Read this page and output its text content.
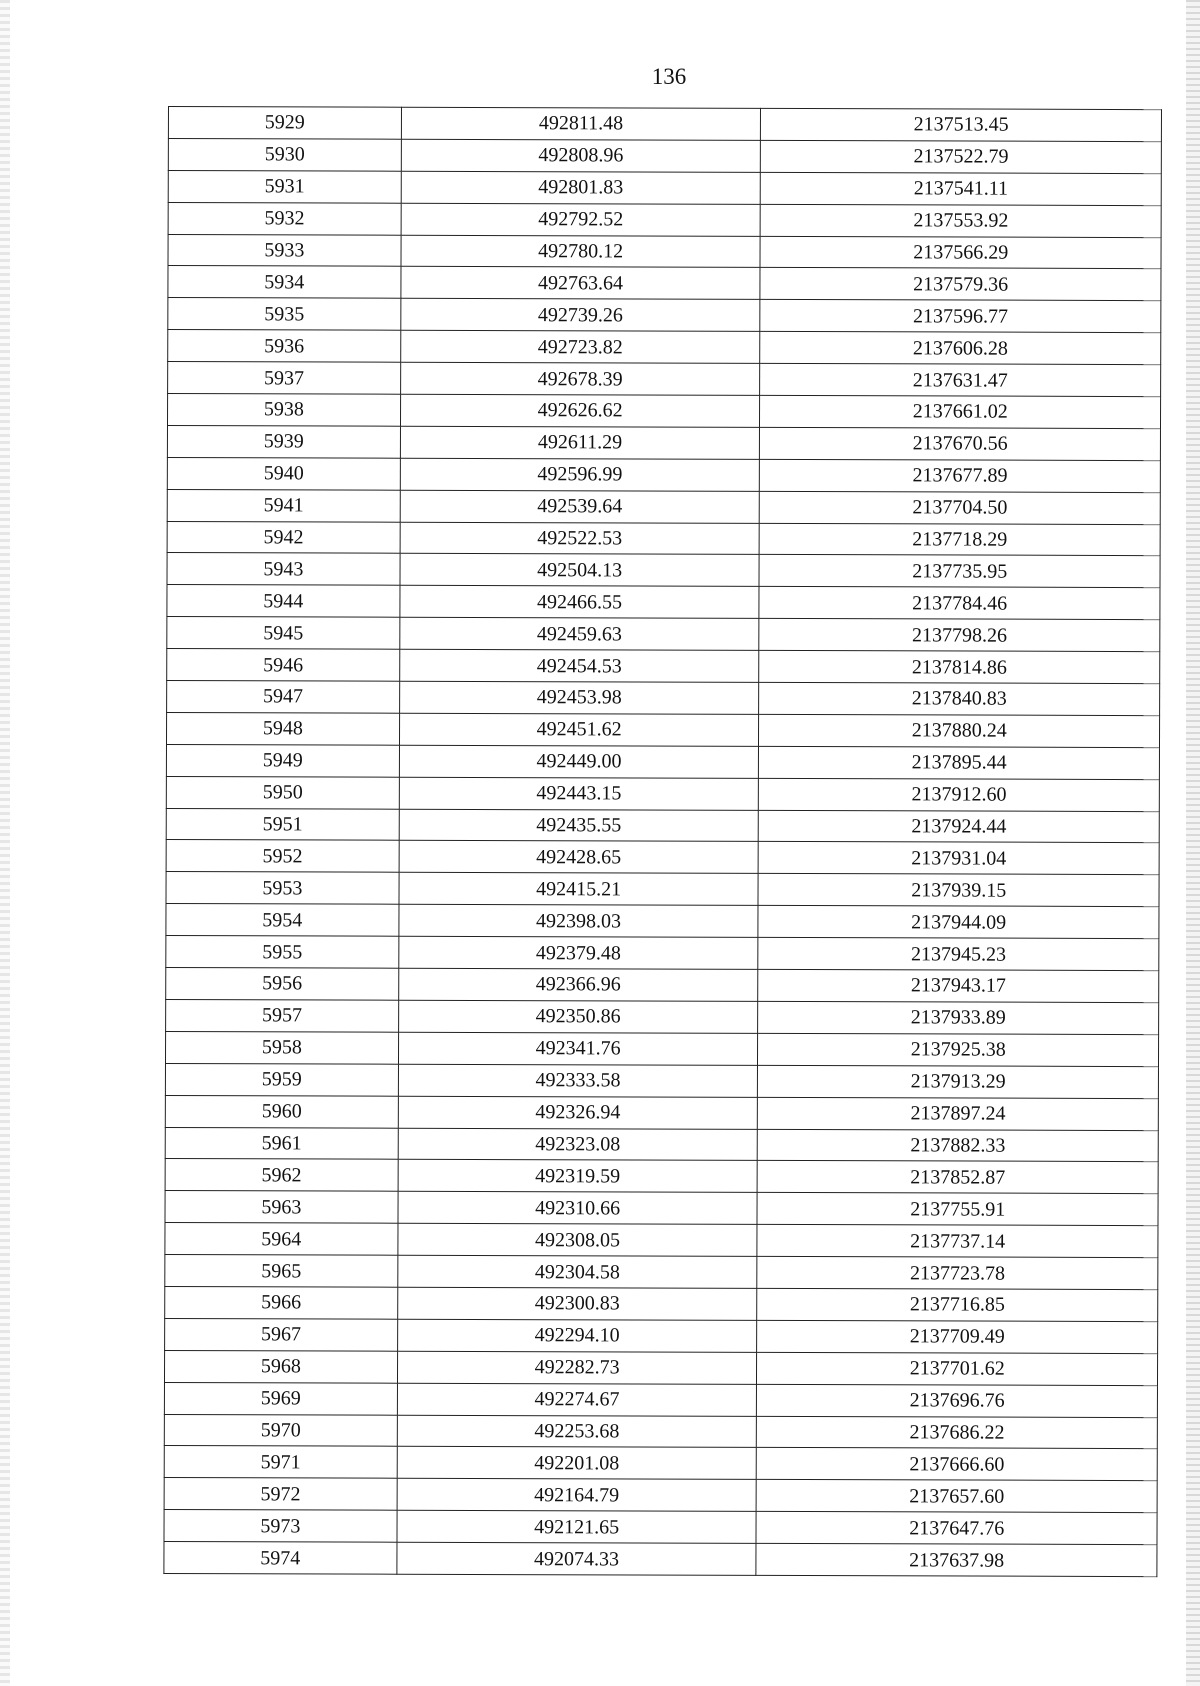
136
5929	492811.48	2137513.45
5930	492808.96	2137522.79
5931	492801.83	2137541.11
5932	492792.52	2137553.92
5933	492780.12	2137566.29
5934	492763.64	2137579.36
5935	492739.26	2137596.77
5936	492723.82	2137606.28
5937	492678.39	2137631.47
5938	492626.62	2137661.02
5939	492611.29	2137670.56
5940	492596.99	2137677.89
5941	492539.64	2137704.50
5942	492522.53	2137718.29
5943	492504.13	2137735.95
5944	492466.55	2137784.46
5945	492459.63	2137798.26
5946	492454.53	2137814.86
5947	492453.98	2137840.83
5948	492451.62	2137880.24
5949	492449.00	2137895.44
5950	492443.15	2137912.60
5951	492435.55	2137924.44
5952	492428.65	2137931.04
5953	492415.21	2137939.15
5954	492398.03	2137944.09
5955	492379.48	2137945.23
5956	492366.96	2137943.17
5957	492350.86	2137933.89
5958	492341.76	2137925.38
5959	492333.58	2137913.29
5960	492326.94	2137897.24
5961	492323.08	2137882.33
5962	492319.59	2137852.87
5963	492310.66	2137755.91
5964	492308.05	2137737.14
5965	492304.58	2137723.78
5966	492300.83	2137716.85
5967	492294.10	2137709.49
5968	492282.73	2137701.62
5969	492274.67	2137696.76
5970	492253.68	2137686.22
5971	492201.08	2137666.60
5972	492164.79	2137657.60
5973	492121.65	2137647.76
5974	492074.33	2137637.98
